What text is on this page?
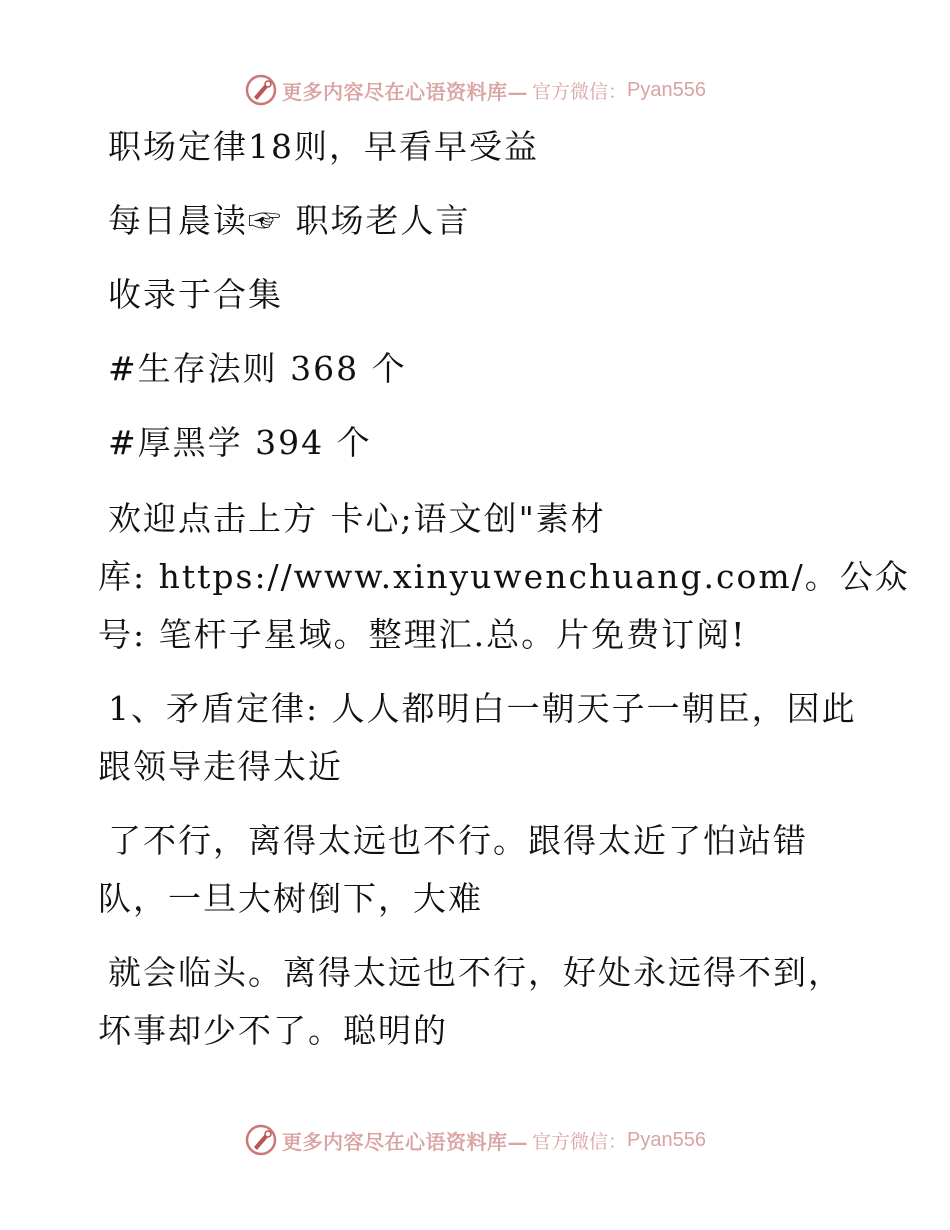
更多内容尽在心语资料库— 官方微信： Pyan556
职场定律18则，早看早受益
每日晨读☞ 职场老人言
收录于合集
#生存法则 368 个
#厚黑学 394 个
欢迎点击上方 卡心;语文创"素材
库: https://www.xinyuwenchuang.com/。公众
号: 笔杆子星域。整理汇.总。片免费订阅!
1、矛盾定律: 人人都明白一朝天子一朝臣，因此
跟领导走得太近
了不行，离得太远也不行。跟得太近了怕站错
队，一旦大树倒下，大难
就会临头。离得太远也不行，好处永远得不到，
坏事却少不了。聪明的
更多内容尽在心语资料库— 官方微信： Pyan556
